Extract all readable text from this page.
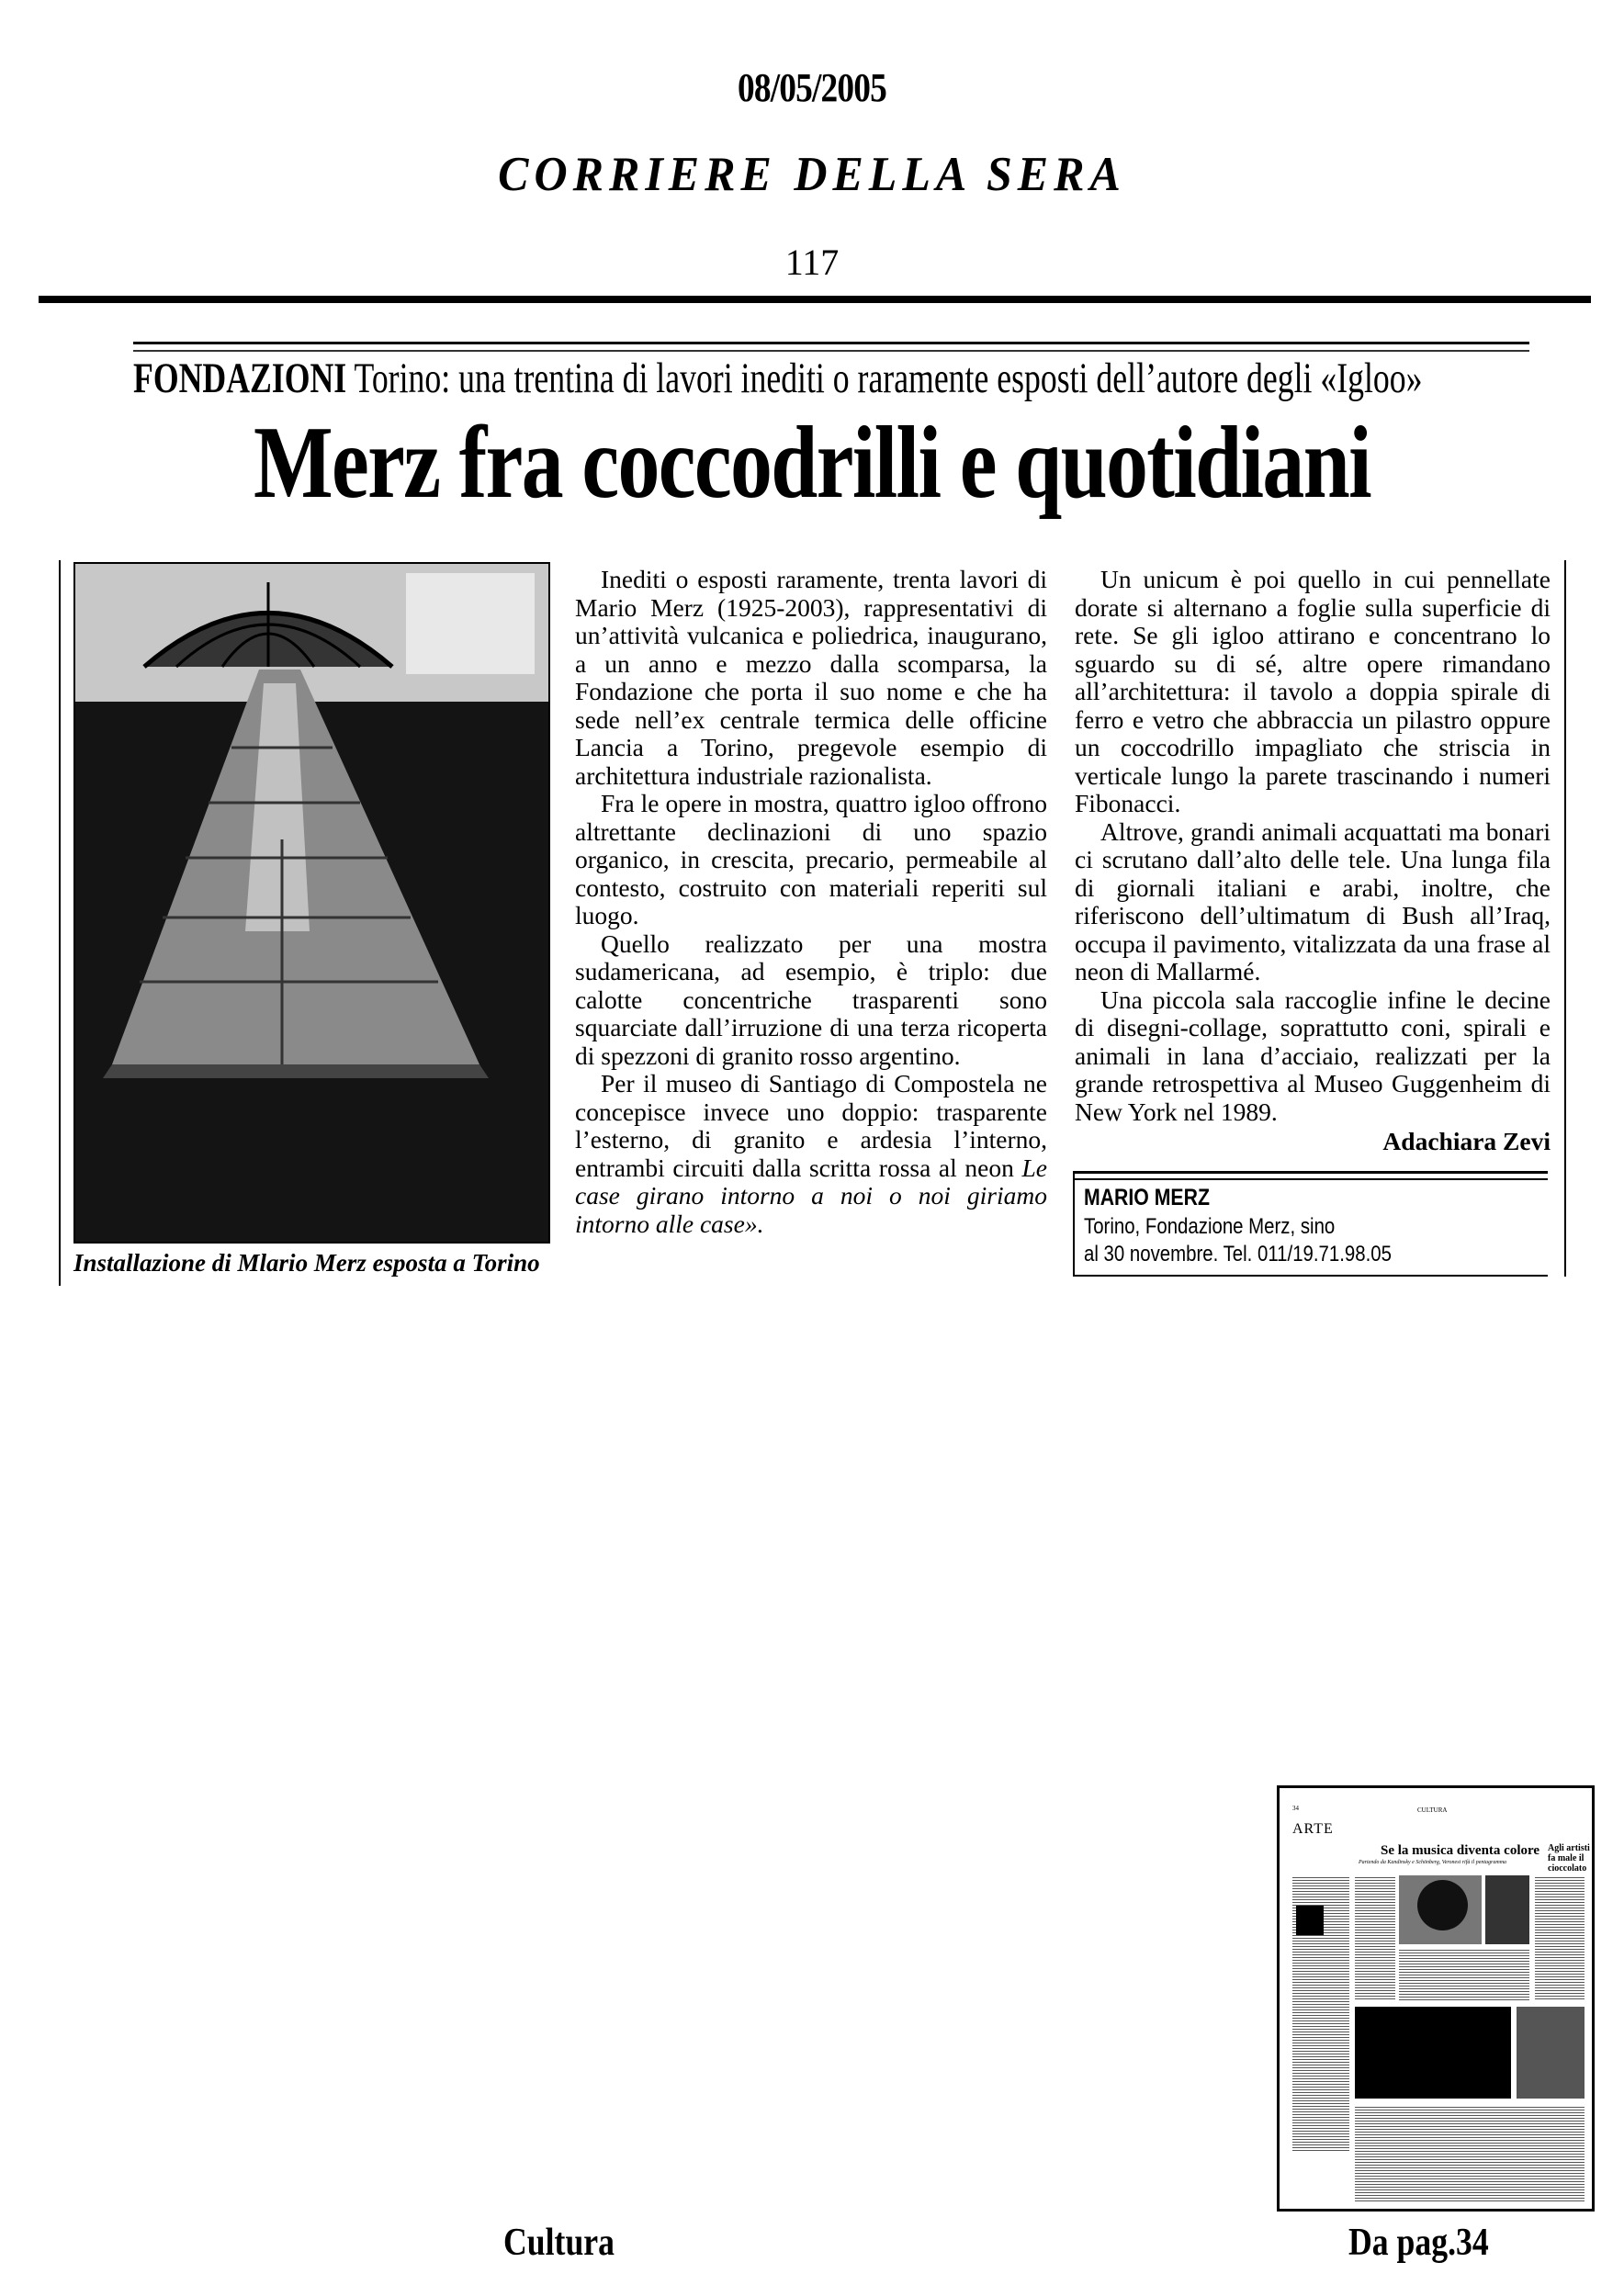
08/05/2005
CORRIERE DELLA SERA
117
FONDAZIONI Torino: una trentina di lavori inediti o raramente esposti dell’autore degli «Igloo»
Merz fra coccodrilli e quotidiani
Installazione di Mlario Merz esposta a Torino

Inediti o esposti raramente, trenta lavori di Mario Merz (1925-2003), rappresentativi di un’attività vulcanica e poliedrica, inaugurano, a un anno e mezzo dalla scomparsa, la Fondazione che porta il suo nome e che ha sede nell’ex centrale termica delle officine Lancia a Torino, pregevole esempio di architettura industriale razionalista.

Fra le opere in mostra, quattro igloo offrono altrettante declinazioni di uno spazio organico, in crescita, precario, permeabile al contesto, costruito con materiali reperiti sul luogo.

Quello realizzato per una mostra sudamericana, ad esempio, è triplo: due calotte concentriche trasparenti sono squarciate dall’irruzione di una terza ricoperta di spezzoni di granito rosso argentino.

Per il museo di Santiago di Compostela ne concepisce invece uno doppio: trasparente l’esterno, di granito e ardesia l’interno, entrambi circuiti dalla scritta rossa al neon Le case girano intorno a noi o noi giriamo intorno alle case».

Un unicum è poi quello in cui pennellate dorate si alternano a foglie sulla superficie di rete. Se gli igloo attirano e concentrano lo sguardo su di sé, altre opere rimandano all’architettura: il tavolo a doppia spirale di ferro e vetro che abbraccia un pilastro oppure un coccodrillo impagliato che striscia in verticale lungo la parete trascinando i numeri Fibonacci.

Altrove, grandi animali acquattati ma bonari ci scrutano dall’alto delle tele. Una lunga fila di giornali italiani e arabi, inoltre, che riferiscono dell’ultimatum di Bush all’Iraq, occupa il pavimento, vitalizzata da una frase al neon di Mallarmé.

Una piccola sala raccoglie infine le decine di disegni-collage, soprattutto coni, spirali e animali in lana d’acciaio, realizzati per la grande retrospettiva al Museo Guggenheim di New York nel 1989.

Adachiara Zevi
MARIO MERZ
Torino, Fondazione Merz, sino
al 30 novembre. Tel. 011/19.71.98.05
34	CULTURA
ARTE
Se la musica diventa colore Agli artisti fa male il cioccolato
Partendo da Kandinsky e Schönberg, Veronesi rifà il pentagramma
Cultura	Da pag.34
